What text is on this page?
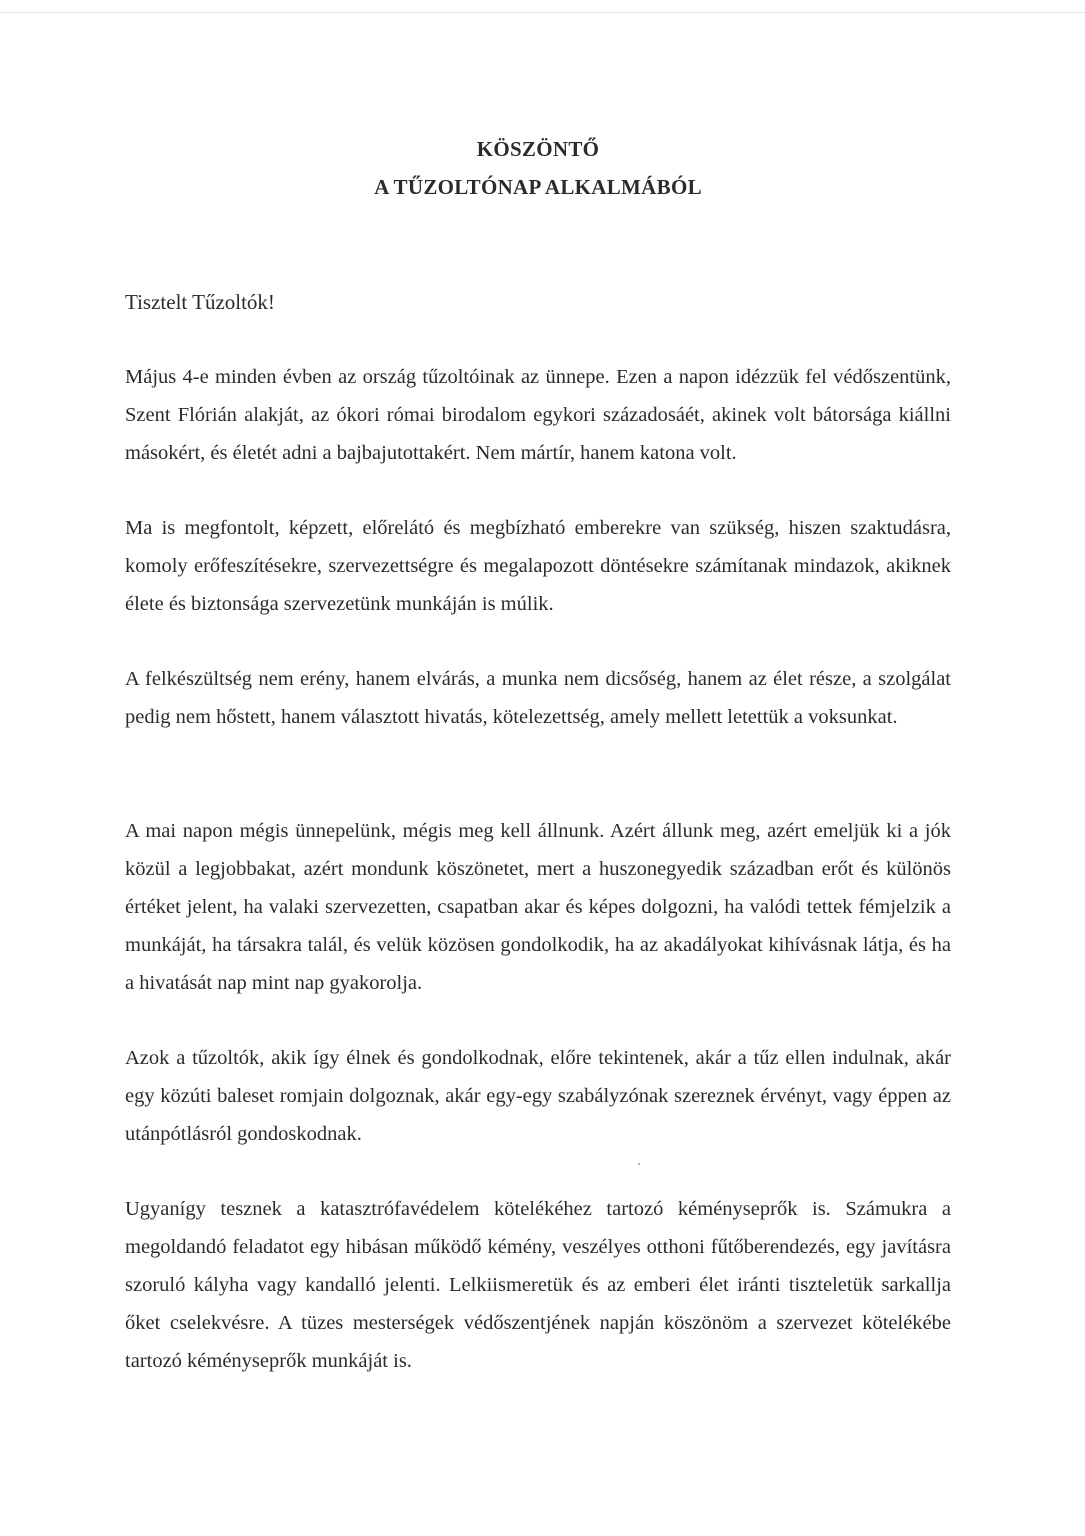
KÖSZÖNTŐ
A TŰZOLTÓNAP ALKALMÁBÓL

Tisztelt Tűzoltók!

Május 4-e minden évben az ország tűzoltóinak az ünnepe. Ezen a napon idézzük fel védőszentünk, Szent Flórián alakját, az ókori római birodalom egykori századosáét, akinek volt bátorsága kiállni másokért, és életét adni a bajbajutottakért. Nem mártír, hanem katona volt.

Ma is megfontolt, képzett, előrelátó és megbízható emberekre van szükség, hiszen szaktudásra, komoly erőfeszítésekre, szervezettségre és megalapozott döntésekre számítanak mindazok, akiknek élete és biztonsága szervezetünk munkáján is múlik.

A felkészültség nem erény, hanem elvárás, a munka nem dicsőség, hanem az élet része, a szolgálat pedig nem hőstett, hanem választott hivatás, kötelezettség, amely mellett letettük a voksunkat.

A mai napon mégis ünnepelünk, mégis meg kell állnunk. Azért állunk meg, azért emeljük ki a jók közül a legjobbakat, azért mondunk köszönetet, mert a huszonegyedik században erőt és különös értéket jelent, ha valaki szervezetten, csapatban akar és képes dolgozni, ha valódi tettek fémjelzik a munkáját, ha társakra talál, és velük közösen gondolkodik, ha az akadályokat kihívásnak látja, és ha a hivatását nap mint nap gyakorolja.

Azok a tűzoltók, akik így élnek és gondolkodnak, előre tekintenek, akár a tűz ellen indulnak, akár egy közúti baleset romjain dolgoznak, akár egy-egy szabályzónak szereznek érvényt, vagy éppen az utánpótlásról gondoskodnak.

Ugyanígy tesznek a katasztrófavédelem kötelékéhez tartozó kéményseprők is. Számukra a megoldandó feladatot egy hibásan működő kémény, veszélyes otthoni fűtőberendezés, egy javításra szoruló kályha vagy kandalló jelenti. Lelkiismeretük és az emberi élet iránti tiszteletük sarkallja őket cselekvésre. A tüzes mesterségek védőszentjének napján köszönöm a szervezet kötelékébe tartozó kéményseprők munkáját is.
